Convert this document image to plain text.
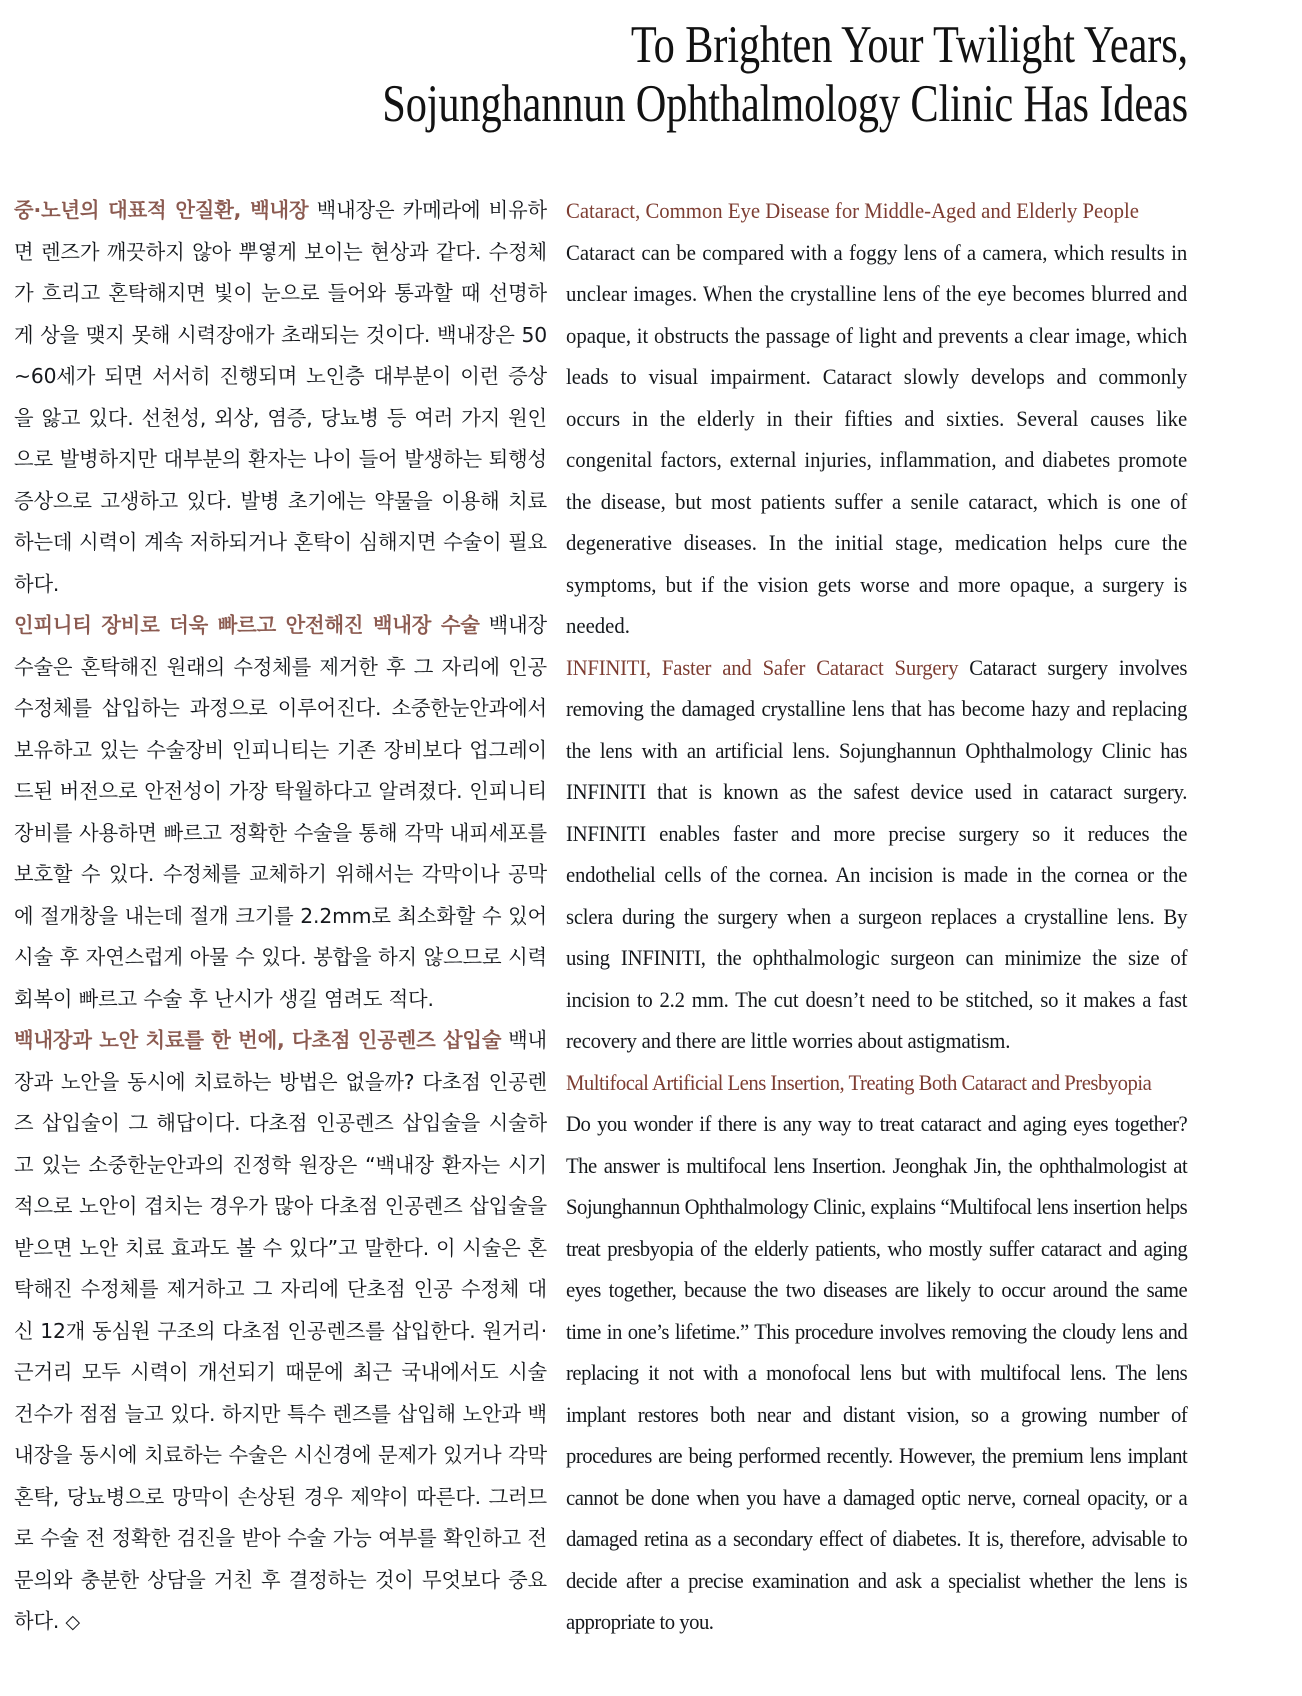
To Brighten Your Twilight Years,
Sojunghannun Ophthalmology Clinic Has Ideas

중·노년의 대표적 안질환, 백내장 백내장은 카메라에 비유하면 렌즈가 깨끗하지 않아 뿌옇게 보이는 현상과 같다. 수정체가 흐리고 혼탁해지면 빛이 눈으로 들어와 통과할 때 선명하게 상을 맺지 못해 시력장애가 초래되는 것이다. 백내장은 50~60세가 되면 서서히 진행되며 노인층 대부분이 이런 증상을 앓고 있다. 선천성, 외상, 염증, 당뇨병 등 여러 가지 원인으로 발병하지만 대부분의 환자는 나이 들어 발생하는 퇴행성 증상으로 고생하고 있다. 발병 초기에는 약물을 이용해 치료하는데 시력이 계속 저하되거나 혼탁이 심해지면 수술이 필요하다.

인피니티 장비로 더욱 빠르고 안전해진 백내장 수술 백내장 수술은 혼탁해진 원래의 수정체를 제거한 후 그 자리에 인공 수정체를 삽입하는 과정으로 이루어진다. 소중한눈안과에서 보유하고 있는 수술장비 인피니티는 기존 장비보다 업그레이드된 버전으로 안전성이 가장 탁월하다고 알려졌다. 인피니티 장비를 사용하면 빠르고 정확한 수술을 통해 각막 내피세포를 보호할 수 있다. 수정체를 교체하기 위해서는 각막이나 공막에 절개창을 내는데 절개 크기를 2.2mm로 최소화할 수 있어 시술 후 자연스럽게 아물 수 있다. 봉합을 하지 않으므로 시력회복이 빠르고 수술 후 난시가 생길 염려도 적다.

백내장과 노안 치료를 한 번에, 다초점 인공렌즈 삽입술 백내장과 노안을 동시에 치료하는 방법은 없을까? 다초점 인공렌즈 삽입술이 그 해답이다. 다초점 인공렌즈 삽입술을 시술하고 있는 소중한눈안과의 진정학 원장은 “백내장 환자는 시기적으로 노안이 겹치는 경우가 많아 다초점 인공렌즈 삽입술을 받으면 노안 치료 효과도 볼 수 있다”고 말한다. 이 시술은 혼탁해진 수정체를 제거하고 그 자리에 단초점 인공 수정체 대신 12개 동심원 구조의 다초점 인공렌즈를 삽입한다. 원거리·근거리 모두 시력이 개선되기 때문에 최근 국내에서도 시술 건수가 점점 늘고 있다. 하지만 특수 렌즈를 삽입해 노안과 백내장을 동시에 치료하는 수술은 시신경에 문제가 있거나 각막 혼탁, 당뇨병으로 망막이 손상된 경우 제약이 따른다. 그러므로 수술 전 정확한 검진을 받아 수술 가능 여부를 확인하고 전문의와 충분한 상담을 거친 후 결정하는 것이 무엇보다 중요하다. ◇

Cataract, Common Eye Disease for Middle-Aged and Elderly People
Cataract can be compared with a foggy lens of a camera, which results in unclear images. When the crystalline lens of the eye becomes blurred and opaque, it obstructs the passage of light and prevents a clear image, which leads to visual impairment. Cataract slowly develops and commonly occurs in the elderly in their fifties and sixties. Several causes like congenital factors, external injuries, inflammation, and diabetes promote the disease, but most patients suffer a senile cataract, which is one of degenerative diseases. In the initial stage, medication helps cure the symptoms, but if the vision gets worse and more opaque, a surgery is needed.

INFINITI, Faster and Safer Cataract Surgery Cataract surgery involves removing the damaged crystalline lens that has become hazy and replacing the lens with an artificial lens. Sojunghannun Ophthalmology Clinic has INFINITI that is known as the safest device used in cataract surgery. INFINITI enables faster and more precise surgery so it reduces the endothelial cells of the cornea. An incision is made in the cornea or the sclera during the surgery when a surgeon replaces a crystalline lens. By using INFINITI, the ophthalmologic surgeon can minimize the size of incision to 2.2 mm. The cut doesn’t need to be stitched, so it makes a fast recovery and there are little worries about astigmatism.

Multifocal Artificial Lens Insertion, Treating Both Cataract and Presbyopia
Do you wonder if there is any way to treat cataract and aging eyes together? The answer is multifocal lens Insertion. Jeonghak Jin, the ophthalmologist at Sojunghannun Ophthalmology Clinic, explains “Multifocal lens insertion helps treat presbyopia of the elderly patients, who mostly suffer cataract and aging eyes together, because the two diseases are likely to occur around the same time in one’s lifetime.” This procedure involves removing the cloudy lens and replacing it not with a monofocal lens but with multifocal lens. The lens implant restores both near and distant vision, so a growing number of procedures are being performed recently. However, the premium lens implant cannot be done when you have a damaged optic nerve, corneal opacity, or a damaged retina as a secondary effect of diabetes. It is, therefore, advisable to decide after a precise examination and ask a specialist whether the lens is appropriate to you.
